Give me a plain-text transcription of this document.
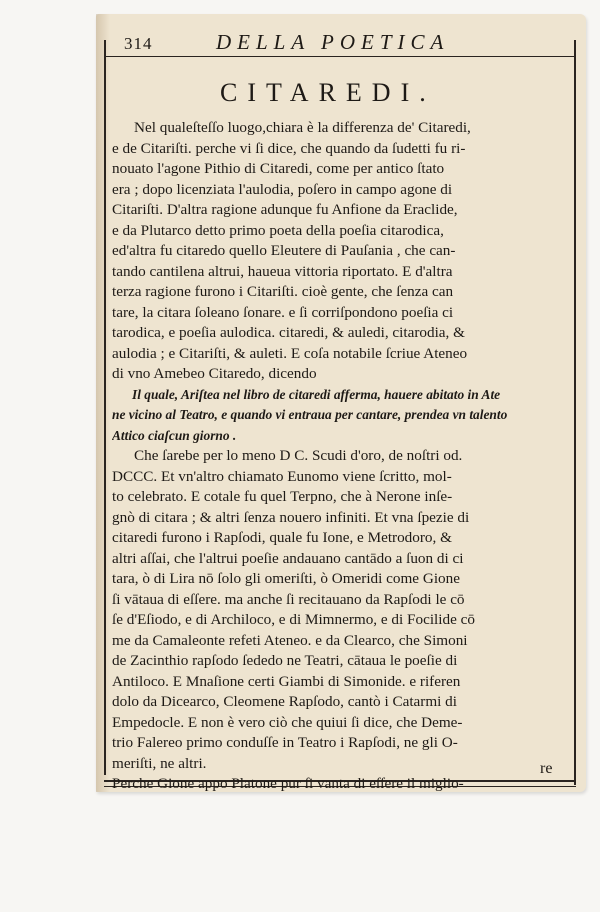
314	DELLA POETICA
CITAREDI.
Nel qualeſteſſo luogo,chiara è la differenza de' Citaredi,
e de Citariſti. perche vi ſi dice, che quando da ſudetti fu ri-
nouato l'agone Pithio di Citaredi, come per antico ſtato
era ; dopo licenziata l'aulodia, poſero in campo agone di
Citariſti. D'altra ragione adunque fu Anfione da Eraclide,
e da Plutarco detto primo poeta della poeſia citarodica,
ed'altra fu citaredo quello Eleutere di Pauſania , che can-
tando cantilena altrui, haueua vittoria riportato. E d'altra
terza ragione furono i Citariſti. cioè gente, che ſenza can
tare, la citara ſoleano ſonare. e ſi corriſpondono poeſia ci
tarodica, e poeſia aulodica. citaredi, & auledi, citarodia, &
aulodia ; e Citariſti, & auleti. E coſa notabile ſcriue Ateneo
di vno Amebeo Citaredo, dicendo
Il quale, Ariſtea nel libro de citaredi afferma, hauere abitato in Ate
ne vicino al Teatro, e quando vi entraua per cantare, prendea vn talento
Attico ciaſcun giorno .
Che ſarebe per lo meno D C. Scudi d'oro, de noſtri od.
DCCC. Et vn'altro chiamato Eunomo viene ſcritto, mol-
to celebrato. E cotale fu quel Terpno, che à Nerone inſe-
gnò di citara ; & altri ſenza nouero infiniti. Et vna ſpezie di
citaredi furono i Rapſodi, quale fu Ione, e Metrodoro, &
altri aſſai, che l'altrui poeſie andauano cantādo a ſuon di ci
tara, ò di Lira nō ſolo gli omeriſti, ò Omeridi come Gione
ſi vātaua di eſſere. ma anche ſi recitauano da Rapſodi le cō
ſe d'Eſiodo, e di Archiloco, e di Mimnermo, e di Focilide cō
me da Camaleonte refeti Ateneo. e da Clearco, che Simoni
de Zacinthio rapſodo ſededo ne Teatri, cātaua le poeſie di
Antiloco. E Mnaſione certi Giambi di Simonide. e riferen
dolo da Dicearco, Cleomene Rapſodo, cantò i Catarmi di
Empedocle. E non è vero ciò che quiui ſi dice, che Deme-
trio Falereo primo conduſſe in Teatro i Rapſodi, ne gli O-
meriſti, ne altri.
Perche Gione appo Platone pur ſi vanta di eſſere il miglio-
re
